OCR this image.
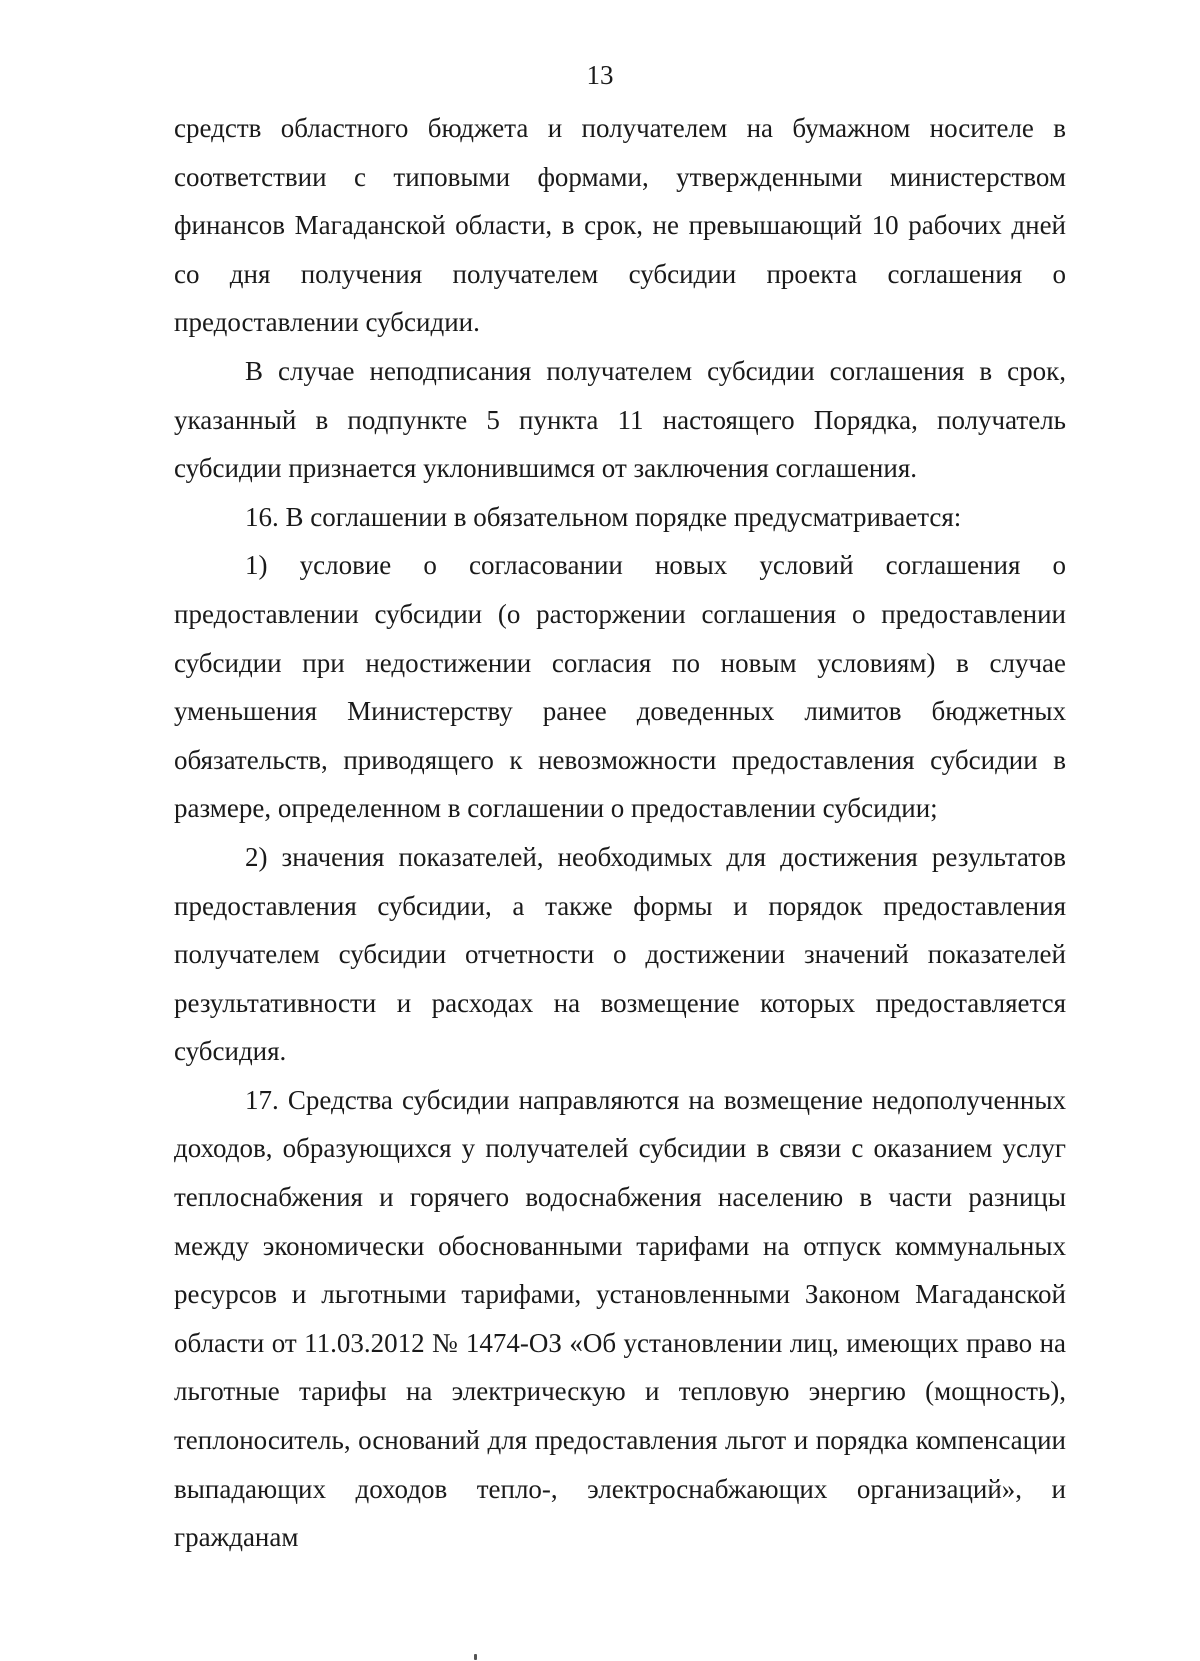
13

средств областного бюджета и получателем на бумажном носителе в соответствии с типовыми формами, утвержденными министерством финансов Магаданской области, в срок, не превышающий 10 рабочих дней со дня получения получателем субсидии проекта соглашения о предоставлении субсидии.

В случае неподписания получателем субсидии соглашения в срок, указанный в подпункте 5 пункта 11 настоящего Порядка, получатель субсидии признается уклонившимся от заключения соглашения.

16. В соглашении в обязательном порядке предусматривается:

1) условие о согласовании новых условий соглашения о предоставлении субсидии (о расторжении соглашения о предоставлении субсидии при недостижении согласия по новым условиям) в случае уменьшения Министерству ранее доведенных лимитов бюджетных обязательств, приводящего к невозможности предоставления субсидии в размере, определенном в соглашении о предоставлении субсидии;

2) значения показателей, необходимых для достижения результатов предоставления субсидии, а также формы и порядок предоставления получателем субсидии отчетности о достижении значений показателей результативности и расходах на возмещение которых предоставляется субсидия.

17. Средства субсидии направляются на возмещение недополученных доходов, образующихся у получателей субсидии в связи с оказанием услуг теплоснабжения и горячего водоснабжения населению в части разницы между экономически обоснованными тарифами на отпуск коммунальных ресурсов и льготными тарифами, установленными Законом Магаданской области от 11.03.2012 № 1474-ОЗ «Об установлении лиц, имеющих право на льготные тарифы на электрическую и тепловую энергию (мощность), теплоноситель, оснований для предоставления льгот и порядка компенсации выпадающих доходов тепло-, электроснабжающих организаций», и гражданам
